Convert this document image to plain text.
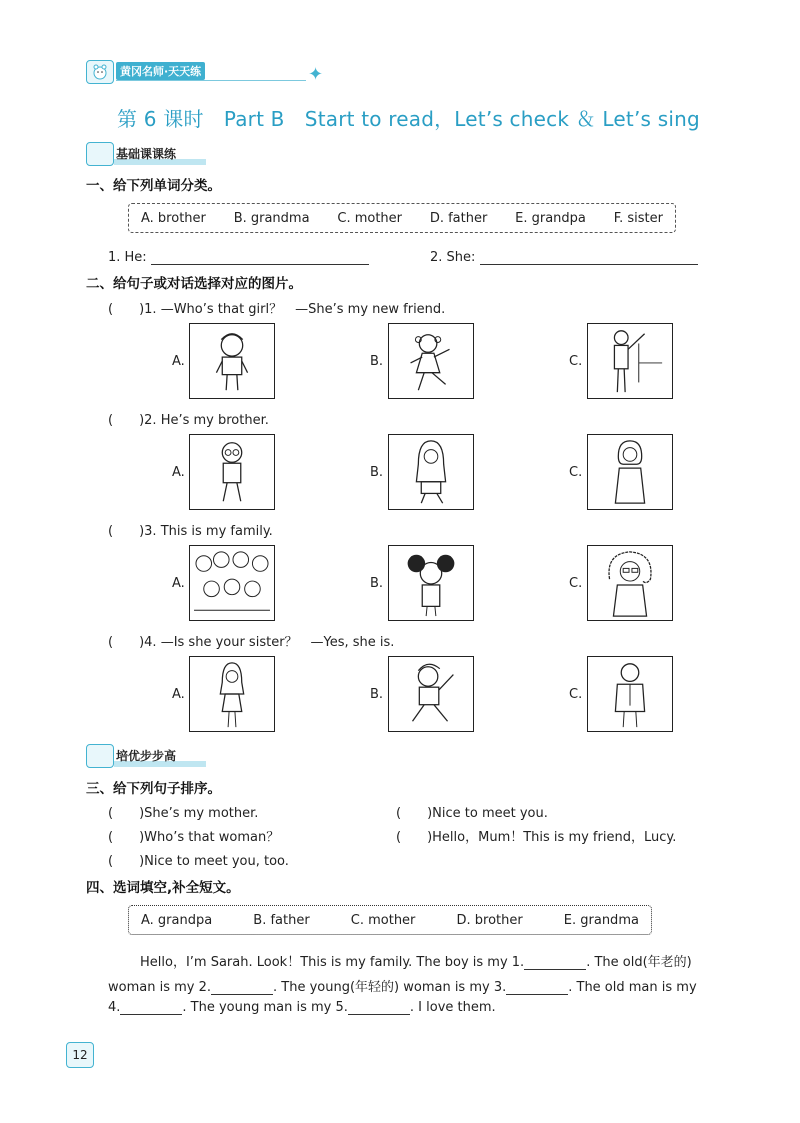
黄冈名师·天天练	✦
第 6 课时　Part B　Start to read，Let’s check ＆ Let’s sing
基础课课练
一、给下列单词分类。
A. brother B. grandma C. mother D. father E. grandpa F. sister
1. He:	2. She:
二、给句子或对话选择对应的图片。
(　　)1. —Who’s that girl？　—She’s my new friend.
A.	B.	C.
(　　)2. He’s my brother.
A.	B.	C.
(　　)3. This is my family.
A.	B.	C.
(　　)4. —Is she your sister？　—Yes, she is.
A.	B.	C.
培优步步高
三、给下列句子排序。
(　　)She’s my mother.	(　　)Nice to meet you.
(　　)Who’s that woman？	(　　)Hello，Mum！This is my friend，Lucy.
(　　)Nice to meet you, too.
四、选词填空,补全短文。
A. grandpa	B. father	C. mother	D. brother	E. grandma
Hello，I’m Sarah. Look！This is my family. The boy is my 1.	. The old(年老的)
woman is my 2.	. The young(年轻的) woman is my 3.	. The old man is my
4.	. The young man is my 5.	. I love them.
12
